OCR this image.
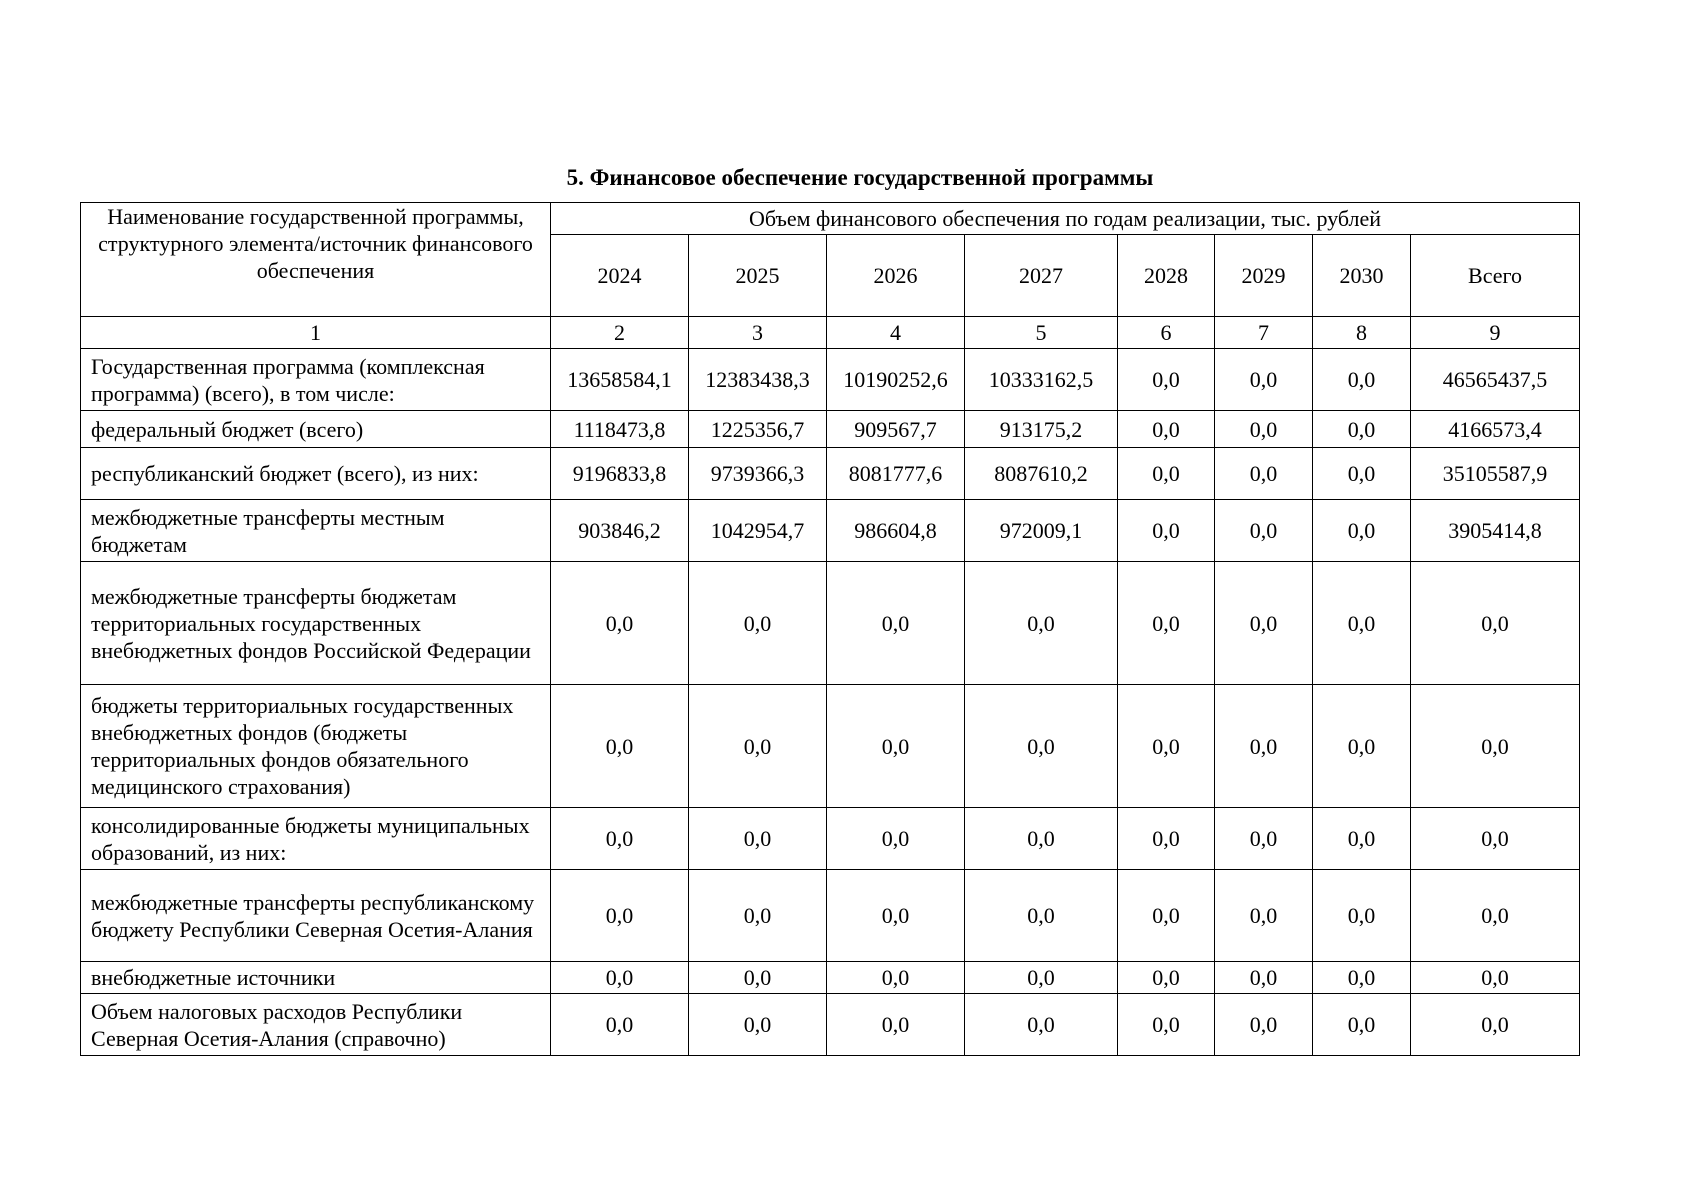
5. Финансовое обеспечение государственной программы
Наименование государственной программы, структурного элемента/источник финансового обеспечения	Объем финансового обеспечения по годам реализации, тыс. рублей							
	2024	2025	2026	2027	2028	2029	2030	Всего
1	2	3	4	5	6	7	8	9
Государственная программа (комплексная программа) (всего), в том числе:	13658584,1	12383438,3	10190252,6	10333162,5	0,0	0,0	0,0	46565437,5
федеральный бюджет (всего)	1118473,8	1225356,7	909567,7	913175,2	0,0	0,0	0,0	4166573,4
республиканский бюджет (всего), из них:	9196833,8	9739366,3	8081777,6	8087610,2	0,0	0,0	0,0	35105587,9
межбюджетные трансферты местным бюджетам	903846,2	1042954,7	986604,8	972009,1	0,0	0,0	0,0	3905414,8
межбюджетные трансферты бюджетам территориальных государственных внебюджетных фондов Российской Федерации	0,0	0,0	0,0	0,0	0,0	0,0	0,0	0,0
бюджеты территориальных государственных внебюджетных фондов (бюджеты территориальных фондов обязательного медицинского страхования)	0,0	0,0	0,0	0,0	0,0	0,0	0,0	0,0
консолидированные бюджеты муниципальных образований, из них:	0,0	0,0	0,0	0,0	0,0	0,0	0,0	0,0
межбюджетные трансферты республиканскому бюджету Республики Северная Осетия-Алания	0,0	0,0	0,0	0,0	0,0	0,0	0,0	0,0
внебюджетные источники	0,0	0,0	0,0	0,0	0,0	0,0	0,0	0,0
Объем налоговых расходов Республики Северная Осетия-Алания (справочно)	0,0	0,0	0,0	0,0	0,0	0,0	0,0	0,0
